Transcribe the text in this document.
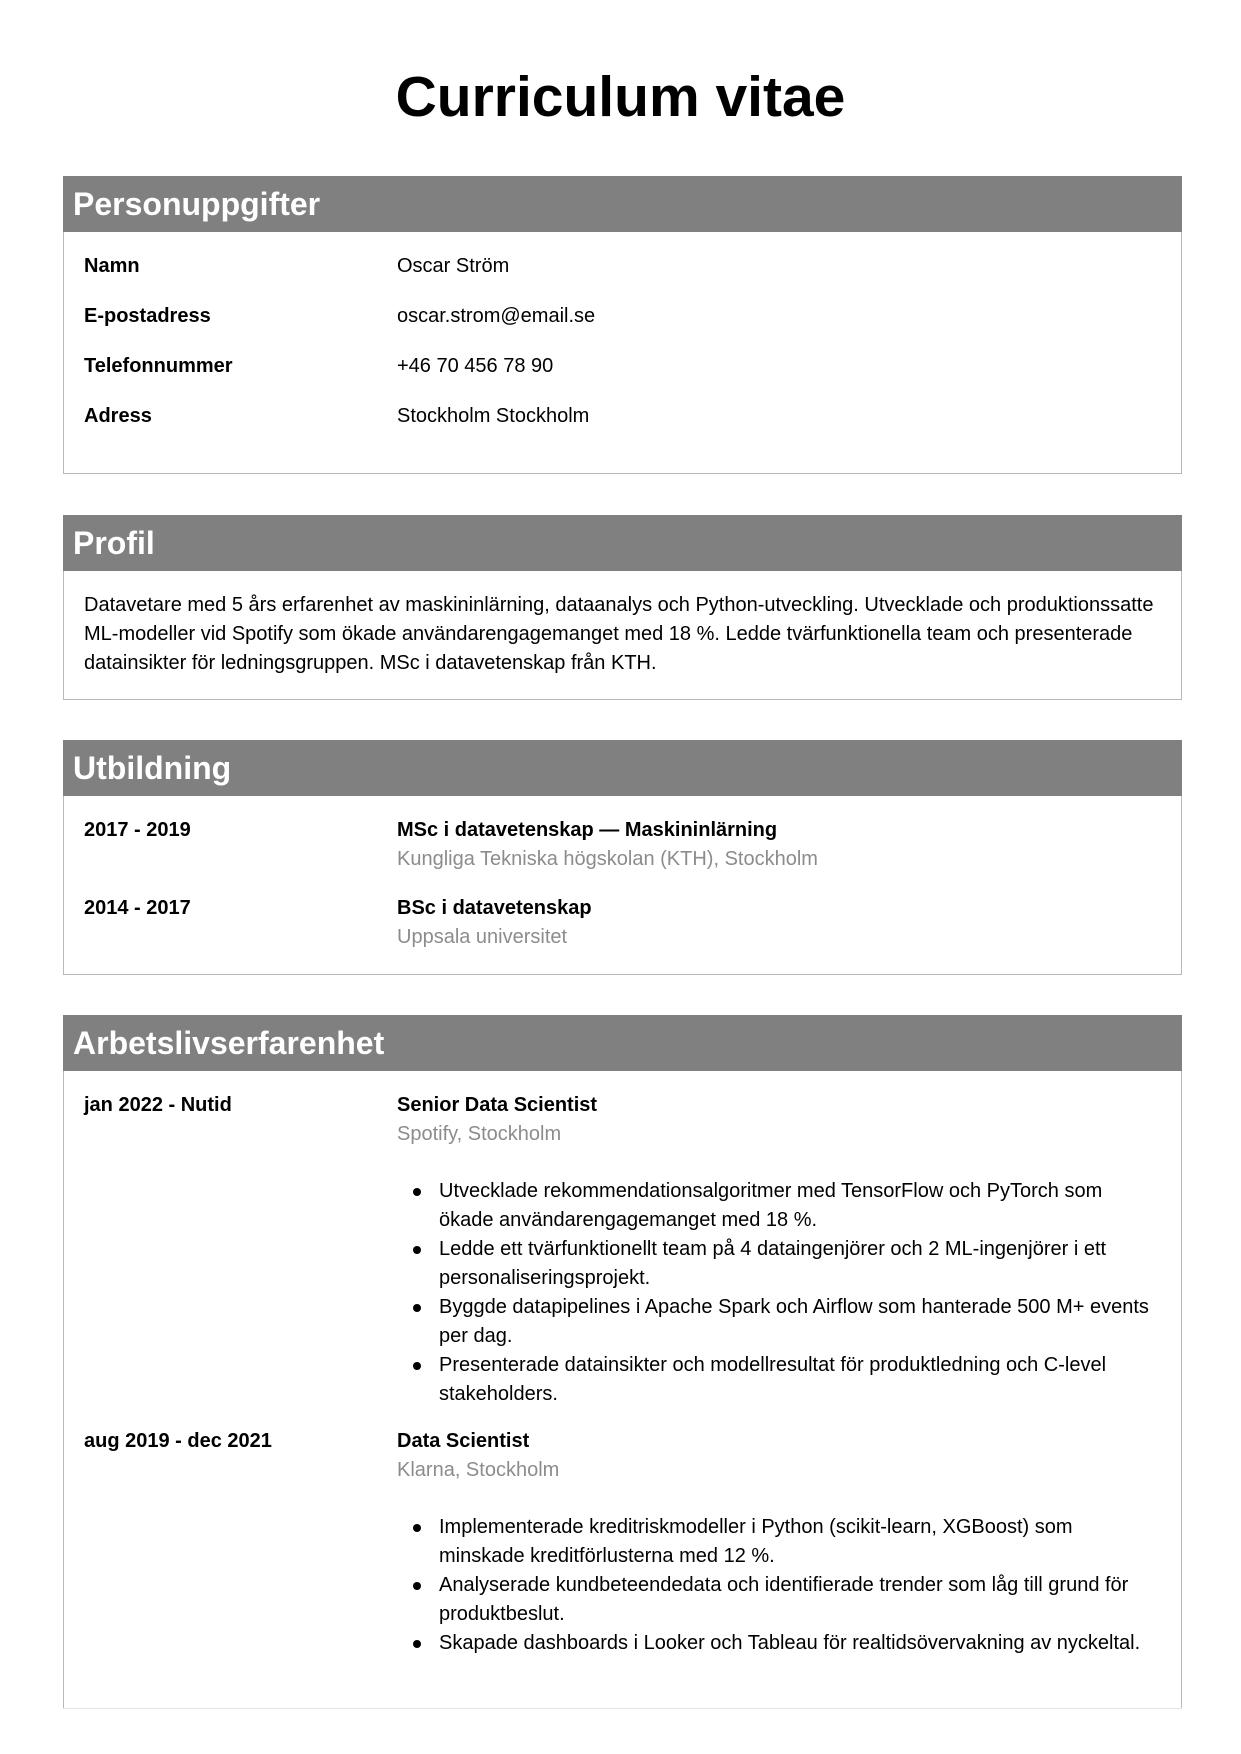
Curriculum vitae
Personuppgifter
Namn	Oscar Ström
E-postadress	oscar.strom@email.se
Telefonnummer	+46 70 456 78 90
Adress	Stockholm Stockholm
Profil

Datavetare med 5 års erfarenhet av maskininlärning, dataanalys och Python-utveckling. Utvecklade och produktionssatte ML-modeller vid Spotify som ökade användarengagemanget med 18 %. Ledde tvärfunktionella team och presenterade datainsikter för ledningsgruppen. MSc i datavetenskap från KTH.

Utbildning
2017 - 2019	MSc i datavetenskap — Maskininlärning
Kungliga Tekniska högskolan (KTH), Stockholm
2014 - 2017	BSc i datavetenskap
Uppsala universitet
Arbetslivserfarenhet
jan 2022 - Nutid	Senior Data Scientist
Spotify, Stockholm
Utvecklade rekommendationsalgoritmer med TensorFlow och PyTorch som ökade användarengagemanget med 18 %.
Ledde ett tvärfunktionellt team på 4 dataingenjörer och 2 ML-ingenjörer i ett personaliseringsprojekt.
Byggde datapipelines i Apache Spark och Airflow som hanterade 500 M+ events per dag.
Presenterade datainsikter och modellresultat för produktledning och C-level stakeholders.
aug 2019 - dec 2021	Data Scientist
Klarna, Stockholm
Implementerade kreditriskmodeller i Python (scikit-learn, XGBoost) som minskade kreditförlusterna med 12 %.
Analyserade kundbeteendedata och identifierade trender som låg till grund för produktbeslut.
Skapade dashboards i Looker och Tableau för realtidsövervakning av nyckeltal.
